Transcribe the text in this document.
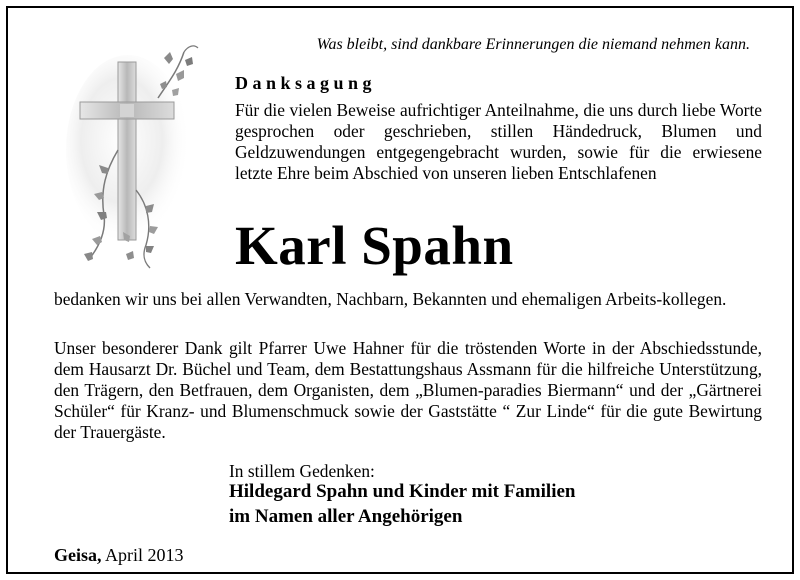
Was bleibt, sind dankbare Erinnerungen die niemand nehmen kann.
Danksagung

Für die vielen Beweise aufrichtiger Anteilnahme, die uns durch liebe Worte gesprochen oder geschrieben, stillen Händedruck, Blumen und Geldzuwendungen entgegengebracht wurden, sowie für die erwiesene letzte Ehre beim Abschied von unseren lieben Entschlafenen

Karl Spahn

bedanken wir uns bei allen Verwandten, Nachbarn, Bekannten und ehemaligen Arbeits-kollegen.

Unser besonderer Dank gilt Pfarrer Uwe Hahner für die tröstenden Worte in der Abschiedsstunde, dem Hausarzt Dr. Büchel und Team, dem Bestattungshaus Assmann für die hilfreiche Unterstützung, den Trägern, den Betfrauen, dem Organisten, dem „Blumen-paradies Biermann“ und der „Gärtnerei Schüler“ für Kranz- und Blumenschmuck sowie der Gaststätte “ Zur Linde“ für die gute Bewirtung der Trauergäste.

In stillem Gedenken:
Hildegard Spahn und Kinder mit Familien
im Namen aller Angehörigen
Geisa, April 2013
